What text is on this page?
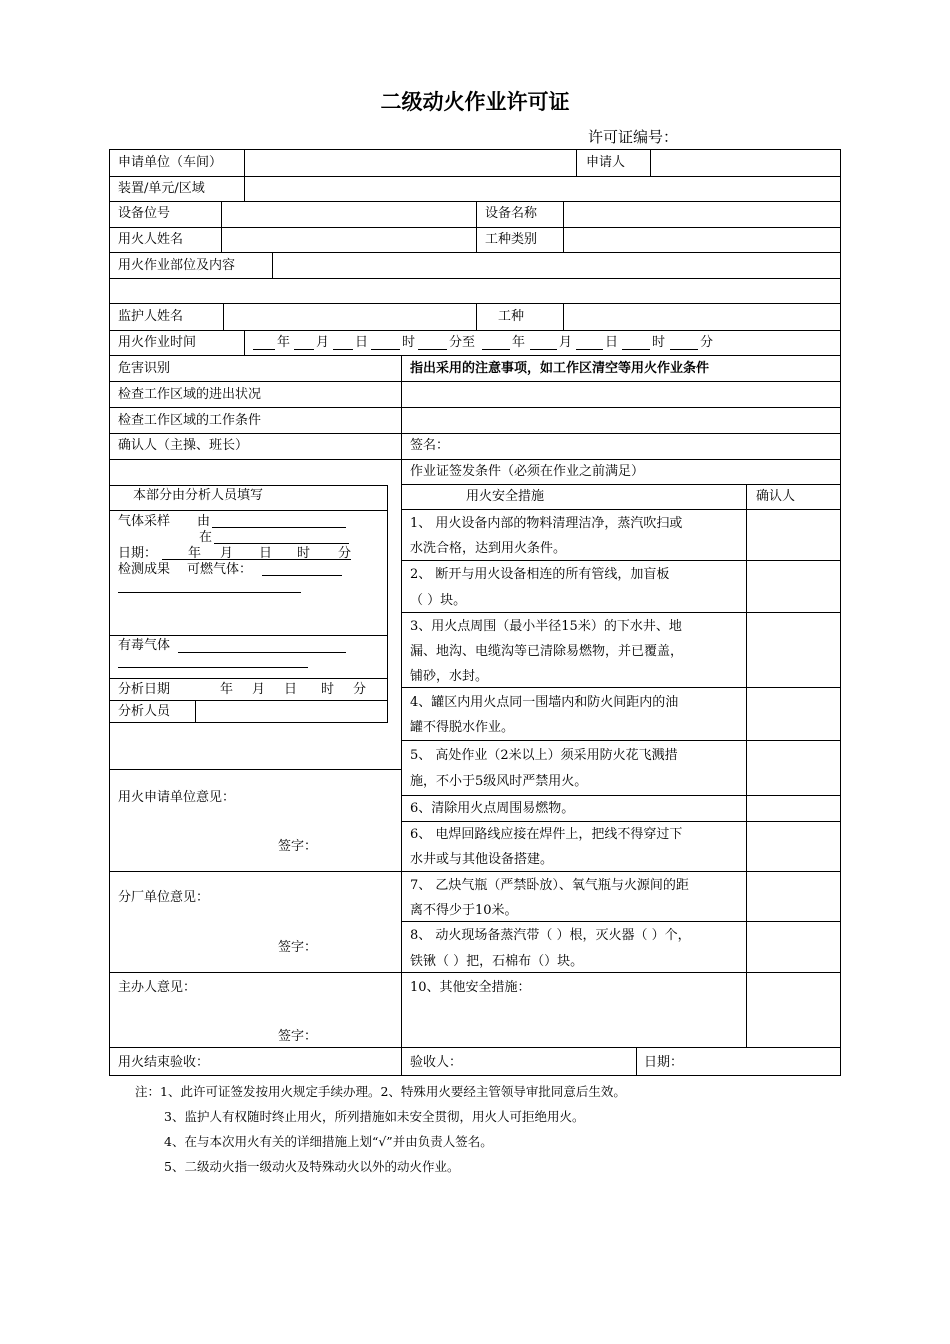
二级动火作业许可证
许可证编号：
申请单位（车间）	申请人
装置/单元/区域
设备位号	设备名称
用火人姓名	工种类别
用火作业部位及内容
监护人姓名	工种
用火作业时间	年 月 日	时	分至	年	月	日	时	分
危害识别	指出采用的注意事项，如工作区清空等用火作业条件
检查工作区域的进出状况
检查工作区域的工作条件
确认人（主操、班长）	签名：
作业证签发条件（必须在作业之前满足）
本部分由分析人员填写
气体采样 由
在
日期： 年 月 日 时 分
检测成果 可燃气体：
有毒气体
分析日期	年 月 日 时 分
分析人员
用火安全措施	确认人
1、 用火设备内部的物料清理洁净，蒸汽吹扫或
水洗合格，达到用火条件。
2、 断开与用火设备相连的所有管线，加盲板
（ ）块。
3、用火点周围（最小半径15米）的下水井、地
漏、地沟、电缆沟等已清除易燃物，并已覆盖，
铺砂，水封。
4、罐区内用火点同一围墙内和防火间距内的油
罐不得脱水作业。
5、 高处作业（2米以上）须采用防火花飞溅措
施，不小于5级风时严禁用火。
6、清除用火点周围易燃物。
6、 电焊回路线应接在焊件上，把线不得穿过下
水井或与其他设备搭建。
7、 乙炔气瓶（严禁卧放）、氧气瓶与火源间的距
离不得少于10米。
8、 动火现场备蒸汽带（ ）根，灭火器（ ）个，
铁锹（ ）把，石棉布（）块。
10、其他安全措施：
用火申请单位意见：
签字：
分厂单位意见：
签字：
主办人意见：
签字：
用火结束验收：	验收人：	日期：
注：1、此许可证签发按用火规定手续办理。2、特殊用火要经主管领导审批同意后生效。
3、监护人有权随时终止用火，所列措施如未安全贯彻，用火人可拒绝用火。
4、在与本次用火有关的详细措施上划“√”并由负责人签名。
5、二级动火指一级动火及特殊动火以外的动火作业。
